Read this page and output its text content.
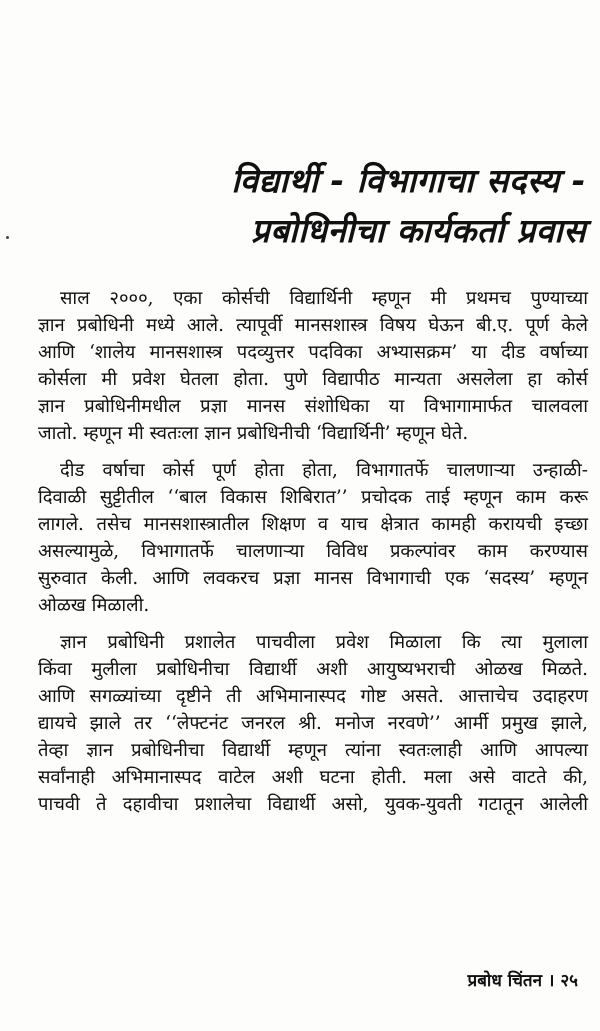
विद्यार्थी - विभागाचा सदस्य -
प्रबोधिनीचा कार्यकर्ता प्रवास
साल २०००, एका कोर्सची विद्यार्थिनी म्हणून मी प्रथमच पुण्याच्या
ज्ञान प्रबोधिनी मध्ये आले. त्यापूर्वी मानसशास्त्र विषय घेऊन बी.ए. पूर्ण केले
आणि ‘शालेय मानसशास्त्र पदव्युत्तर पदविका अभ्यासक्रम’ या दीड वर्षाच्या
कोर्सला मी प्रवेश घेतला होता. पुणे विद्यापीठ मान्यता असलेला हा कोर्स
ज्ञान प्रबोधिनीमधील प्रज्ञा मानस संशोधिका या विभागामार्फत चालवला
जातो. म्हणून मी स्वतःला ज्ञान प्रबोधिनीची ‘विद्यार्थिनी’ म्हणून घेते.
दीड वर्षाचा कोर्स पूर्ण होता होता, विभागातर्फे चालणाऱ्या उन्हाळी-
दिवाळी सुट्टीतील ‘‘बाल विकास शिबिरात’’ प्रचोदक ताई म्हणून काम करू
लागले. तसेच मानसशास्त्रातील शिक्षण व याच क्षेत्रात कामही करायची इच्छा
असल्यामुळे, विभागातर्फे चालणाऱ्या विविध प्रकल्पांवर काम करण्यास
सुरुवात केली. आणि लवकरच प्रज्ञा मानस विभागाची एक ‘सदस्य’ म्हणून
ओळख मिळाली.
ज्ञान प्रबोधिनी प्रशालेत पाचवीला प्रवेश मिळाला कि त्या मुलाला
किंवा मुलीला प्रबोधिनीचा विद्यार्थी अशी आयुष्यभराची ओळख मिळते.
आणि सगळ्यांच्या दृष्टीने ती अभिमानास्पद गोष्ट असते. आत्ताचेच उदाहरण
द्यायचे झाले तर ‘‘लेफ्टनंट जनरल श्री. मनोज नरवणे’’ आर्मी प्रमुख झाले,
तेव्हा ज्ञान प्रबोधिनीचा विद्यार्थी म्हणून त्यांना स्वतःलाही आणि आपल्या
सर्वांनाही अभिमानास्पद वाटेल अशी घटना होती. मला असे वाटते की,
पाचवी ते दहावीचा प्रशालेचा विद्यार्थी असो, युवक-युवती गटातून आलेली
प्रबोध चिंतन । २५
